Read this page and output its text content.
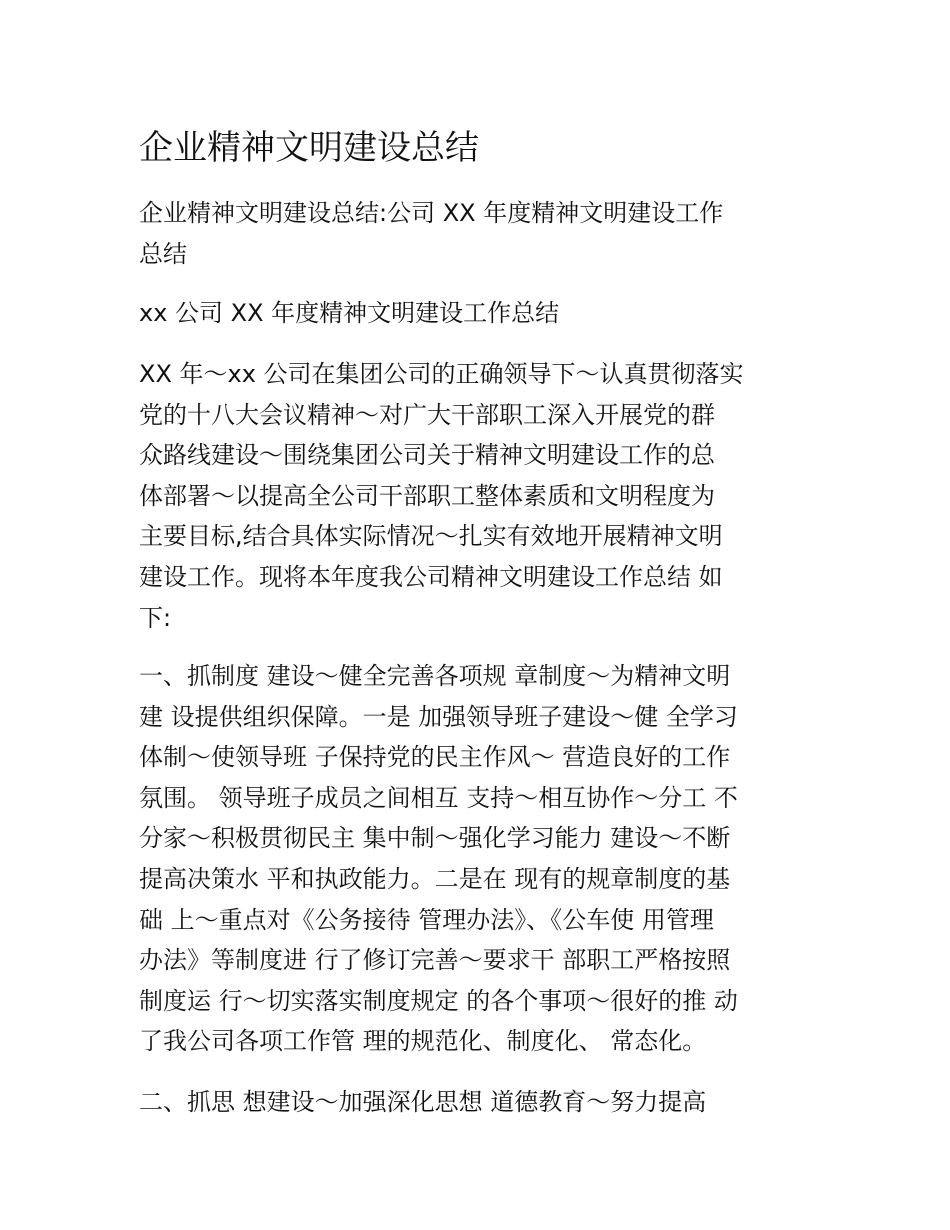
企业精神文明建设总结

企业精神文明建设总结:公司 XX 年度精神文明建设工作
总结

xx 公司 XX 年度精神文明建设工作总结

XX 年～xx 公司在集团公司的正确领导下～认真贯彻落实
党的十八大会议精神～对广大干部职工深入开展党的群
众路线建设～围绕集团公司关于精神文明建设工作的总
体部署～以提高全公司干部职工整体素质和文明程度为
主要目标,结合具体实际情况～扎实有效地开展精神文明
建设工作。现将本年度我公司精神文明建设工作总结 如
下:

一、抓制度 建设～健全完善各项规 章制度～为精神文明
建 设提供组织保障。一是 加强领导班子建设～健 全学习
体制～使领导班 子保持党的民主作风～ 营造良好的工作
氛围。 领导班子成员之间相互 支持～相互协作～分工 不
分家～积极贯彻民主 集中制～强化学习能力 建设～不断
提高决策水 平和执政能力。二是在 现有的规章制度的基
础 上～重点对《公务接待 管理办法》、《公车使 用管理
办法》等制度进 行了修订完善～要求干 部职工严格按照
制度运 行～切实落实制度规定 的各个事项～很好的推 动
了我公司各项工作管 理的规范化、制度化、 常态化。

二、抓思 想建设～加强深化思想 道德教育～努力提高
